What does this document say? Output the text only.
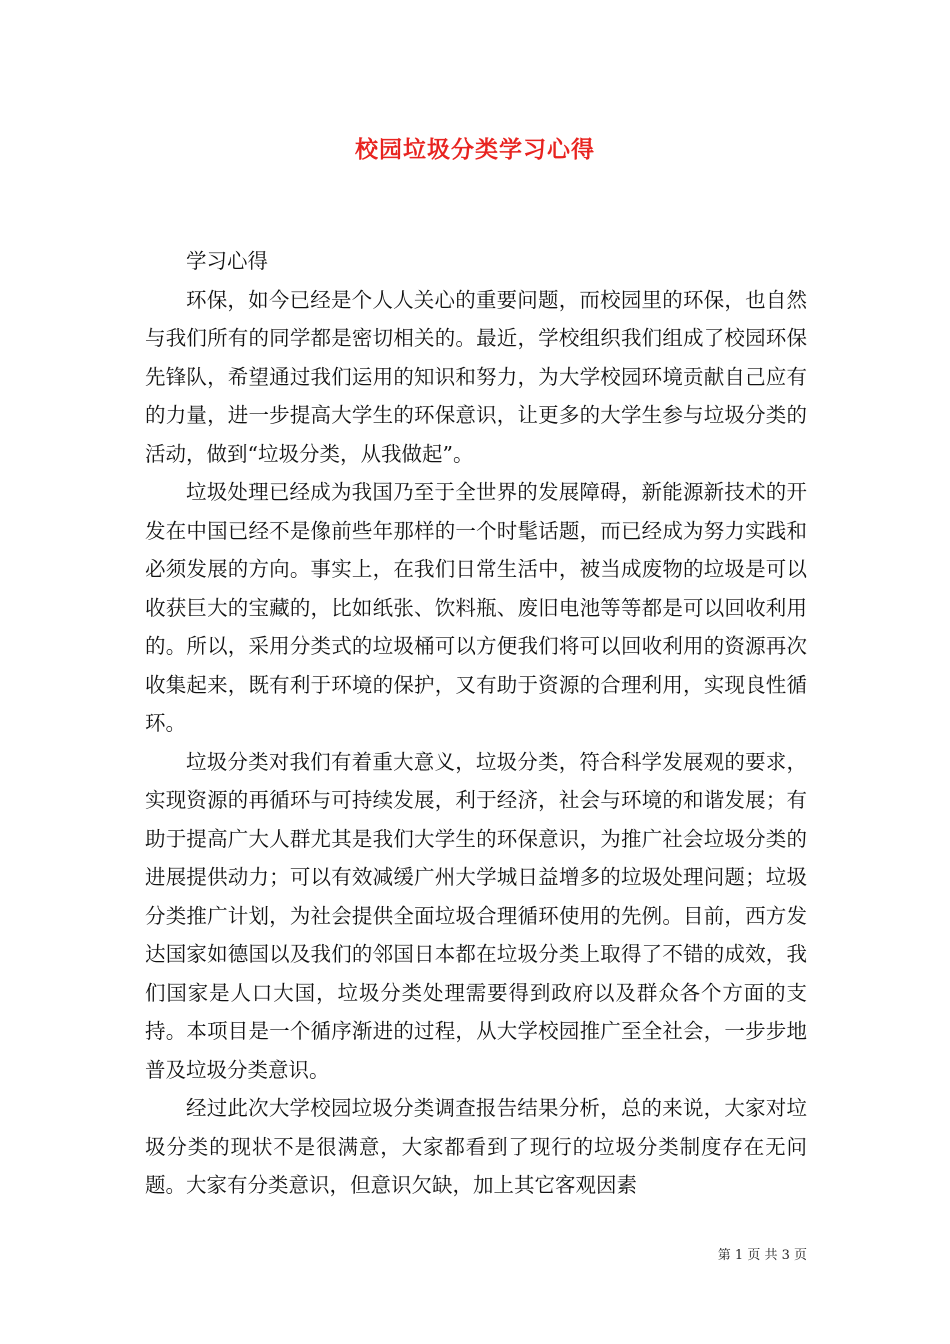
校园垃圾分类学习心得

学习心得

环保，如今已经是个人人关心的重要问题，而校园里的环保，也自然与我们所有的同学都是密切相关的。最近，学校组织我们组成了校园环保先锋队，希望通过我们运用的知识和努力，为大学校园环境贡献自己应有的力量，进一步提高大学生的环保意识，让更多的大学生参与垃圾分类的活动，做到“垃圾分类，从我做起”。

垃圾处理已经成为我国乃至于全世界的发展障碍，新能源新技术的开发在中国已经不是像前些年那样的一个时髦话题，而已经成为努力实践和必须发展的方向。事实上，在我们日常生活中，被当成废物的垃圾是可以收获巨大的宝藏的，比如纸张、饮料瓶、废旧电池等等都是可以回收利用的。所以，采用分类式的垃圾桶可以方便我们将可以回收利用的资源再次收集起来，既有利于环境的保护，又有助于资源的合理利用，实现良性循环。

垃圾分类对我们有着重大意义，垃圾分类，符合科学发展观的要求，实现资源的再循环与可持续发展，利于经济，社会与环境的和谐发展；有助于提高广大人群尤其是我们大学生的环保意识，为推广社会垃圾分类的进展提供动力；可以有效减缓广州大学城日益增多的垃圾处理问题；垃圾分类推广计划，为社会提供全面垃圾合理循环使用的先例。目前，西方发达国家如德国以及我们的邻国日本都在垃圾分类上取得了不错的成效，我们国家是人口大国，垃圾分类处理需要得到政府以及群众各个方面的支持。本项目是一个循序渐进的过程，从大学校园推广至全社会，一步步地普及垃圾分类意识。

经过此次大学校园垃圾分类调查报告结果分析，总的来说，大家对垃圾分类的现状不是很满意，大家都看到了现行的垃圾分类制度存在无问题。大家有分类意识，但意识欠缺，加上其它客观因素

第 1 页 共 3 页
